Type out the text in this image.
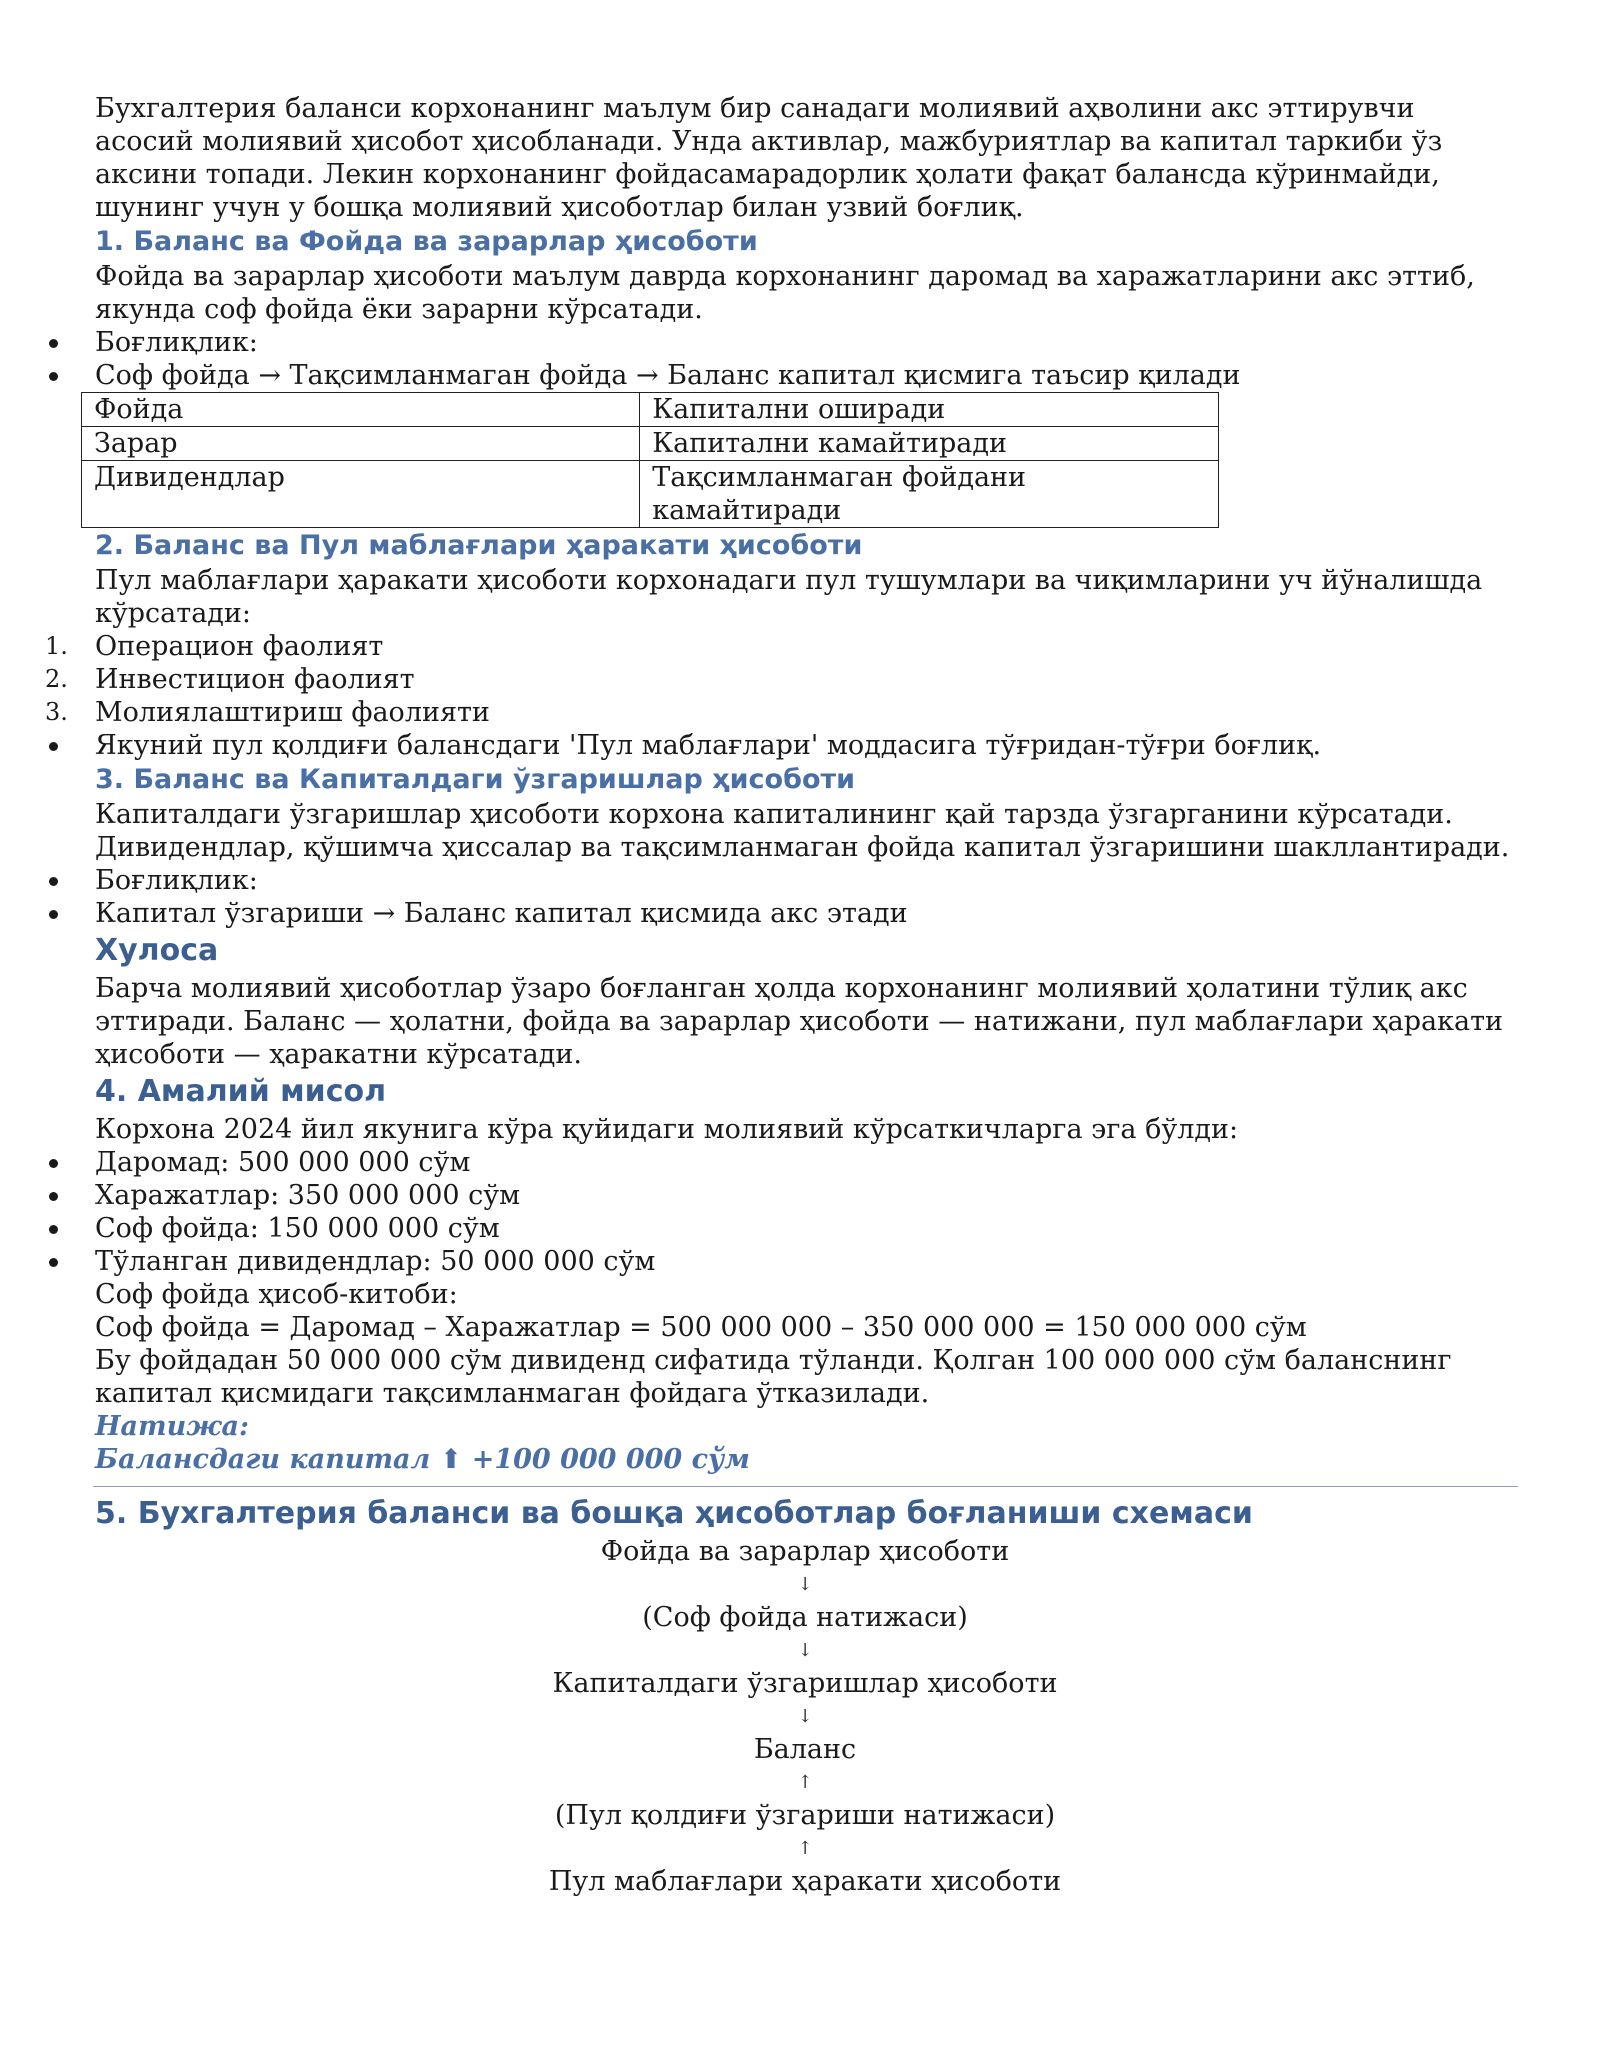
Бухгалтерия баланси корхонанинг маълум бир санадаги молиявий аҳволини акс эттирувчи асосий молиявий ҳисобот ҳисобланади. Унда активлар, мажбуриятлар ва капитал таркиби ўз аксини топади. Лекин корхонанинг фойдасамарадорлик ҳолати фақат балансда кўринмайди, шунинг учун у бошқа молиявий ҳисоботлар билан узвий боғлиқ.

1. Баланс ва Фойда ва зарарлар ҳисоботи

Фойда ва зарарлар ҳисоботи маълум даврда корхонанинг даромад ва харажатларини акс эттиб, якунда соф фойда ёки зарарни кўрсатади.

Боғлиқлик:
Соф фойда → Тақсимланмаган фойда → Баланс капитал қисмига таъсир қилади
Фойда	Капитални оширади
Зарар	Капитални камайтиради
Дивидендлар	Тақсимланмаган фойдани камайтиради
2. Баланс ва Пул маблағлари ҳаракати ҳисоботи

Пул маблағлари ҳаракати ҳисоботи корхонадаги пул тушумлари ва чиқимларини уч йўналишда кўрсатади:

1. Операцион фаолият
2. Инвестицион фаолият
3. Молиялаштириш фаолияти
Якуний пул қолдиғи балансдаги 'Пул маблағлари' моддасига тўғридан-тўғри боғлиқ.
3. Баланс ва Капиталдаги ўзгаришлар ҳисоботи

Капиталдаги ўзгаришлар ҳисоботи корхона капиталининг қай тарзда ўзгарганини кўрсатади. Дивидендлар, қўшимча ҳиссалар ва тақсимланмаган фойда капитал ўзгаришини шакллантиради.

Боғлиқлик:
Капитал ўзгариши → Баланс капитал қисмида акс этади
Хулоса

Барча молиявий ҳисоботлар ўзаро боғланган ҳолда корхонанинг молиявий ҳолатини тўлиқ акс эттиради. Баланс — ҳолатни, фойда ва зарарлар ҳисоботи — натижани, пул маблағлари ҳаракати ҳисоботи — ҳаракатни кўрсатади.

4. Амалий мисол

Корхона 2024 йил якунига кўра қуйидаги молиявий кўрсаткичларга эга бўлди:

Даромад: 500 000 000 сўм
Харажатлар: 350 000 000 сўм
Соф фойда: 150 000 000 сўм
Тўланган дивидендлар: 50 000 000 сўм

Соф фойда ҳисоб-китоби:

Соф фойда = Даромад – Харажатлар = 500 000 000 – 350 000 000 = 150 000 000 сўм

Бу фойдадан 50 000 000 сўм дивиденд сифатида тўланди. Қолган 100 000 000 сўм баланснинг капитал қисмидаги тақсимланмаган фойдага ўтказилади.

Натижа:
Балансдаги капитал ⬆ +100 000 000 сўм
5. Бухгалтерия баланси ва бошқа ҳисоботлар боғланиши схемаси
Фойда ва зарарлар ҳисоботи
↓
(Соф фойда натижаси)
↓
Капиталдаги ўзгаришлар ҳисоботи
↓
Баланс
↑
(Пул қолдиғи ўзгариши натижаси)
↑
Пул маблағлари ҳаракати ҳисоботи
